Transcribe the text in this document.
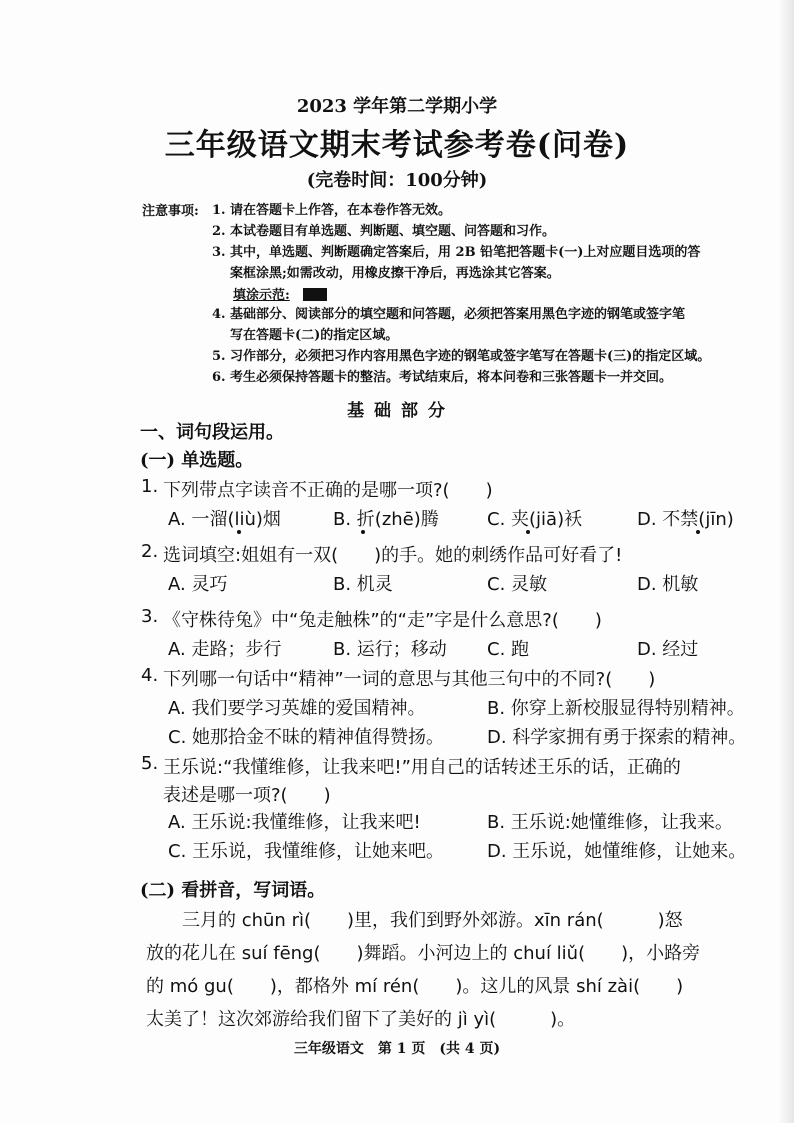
2023 学年第二学期小学
三年级语文期末考试参考卷(问卷)
(完卷时间：100分钟)
注意事项: 1. 请在答题卡上作答，在本卷作答无效。
2. 本试卷题目有单选题、判断题、填空题、问答题和习作。
3. 其中，单选题、判断题确定答案后，用 2B 铅笔把答题卡(一)上对应题目选项的答
案框涂黑;如需改动，用橡皮擦干净后，再选涂其它答案。
填涂示范:
4. 基础部分、阅读部分的填空题和问答题，必须把答案用黑色字迹的钢笔或签字笔
写在答题卡(二)的指定区域。
5. 习作部分，必须把习作内容用黑色字迹的钢笔或签字笔写在答题卡(三)的指定区域。
6. 考生必须保持答题卡的整洁。考试结束后，将本问卷和三张答题卡一并交回。
基 础 部 分
一、词句段运用。
(一) 单选题。
1. 下列带点字读音不正确的是哪一项?(　　)
A. 一溜(liù)烟	B. 折(zhē)腾	C. 夹(jiā)袄	D. 不禁(jīn)
2. 选词填空:姐姐有一双(　　)的手。她的刺绣作品可好看了!
A. 灵巧	B. 机灵	C. 灵敏	D. 机敏
3. 《守株待兔》中“兔走触株”的“走”字是什么意思?(　　)
A. 走路；步行	B. 运行；移动 C. 跑	D. 经过
4. 下列哪一句话中“精神”一词的意思与其他三句中的不同?(　　)
A. 我们要学习英雄的爱国精神。	B. 你穿上新校服显得特别精神。
C. 她那拾金不昧的精神值得赞扬。 D. 科学家拥有勇于探索的精神。
5. 王乐说:“我懂维修，让我来吧!”用自己的话转述王乐的话，正确的
表述是哪一项?(　　)
A. 王乐说:我懂维修，让我来吧!	B. 王乐说:她懂维修，让我来。
C. 王乐说，我懂维修，让她来吧。 D. 王乐说，她懂维修，让她来。
(二) 看拼音，写词语。
　　三月的 chūn rì(　　)里，我们到野外郊游。xīn rán(　　　)怒
放的花儿在 suí fēng(　　)舞蹈。小河边上的 chuí liǔ(　　)，小路旁
的 mó gu(　　)，都格外 mí rén(　　)。这儿的风景 shí zài(　　)
太美了！这次郊游给我们留下了美好的 jì yì(　　　)。
三年级语文　第 1 页　(共 4 页)
